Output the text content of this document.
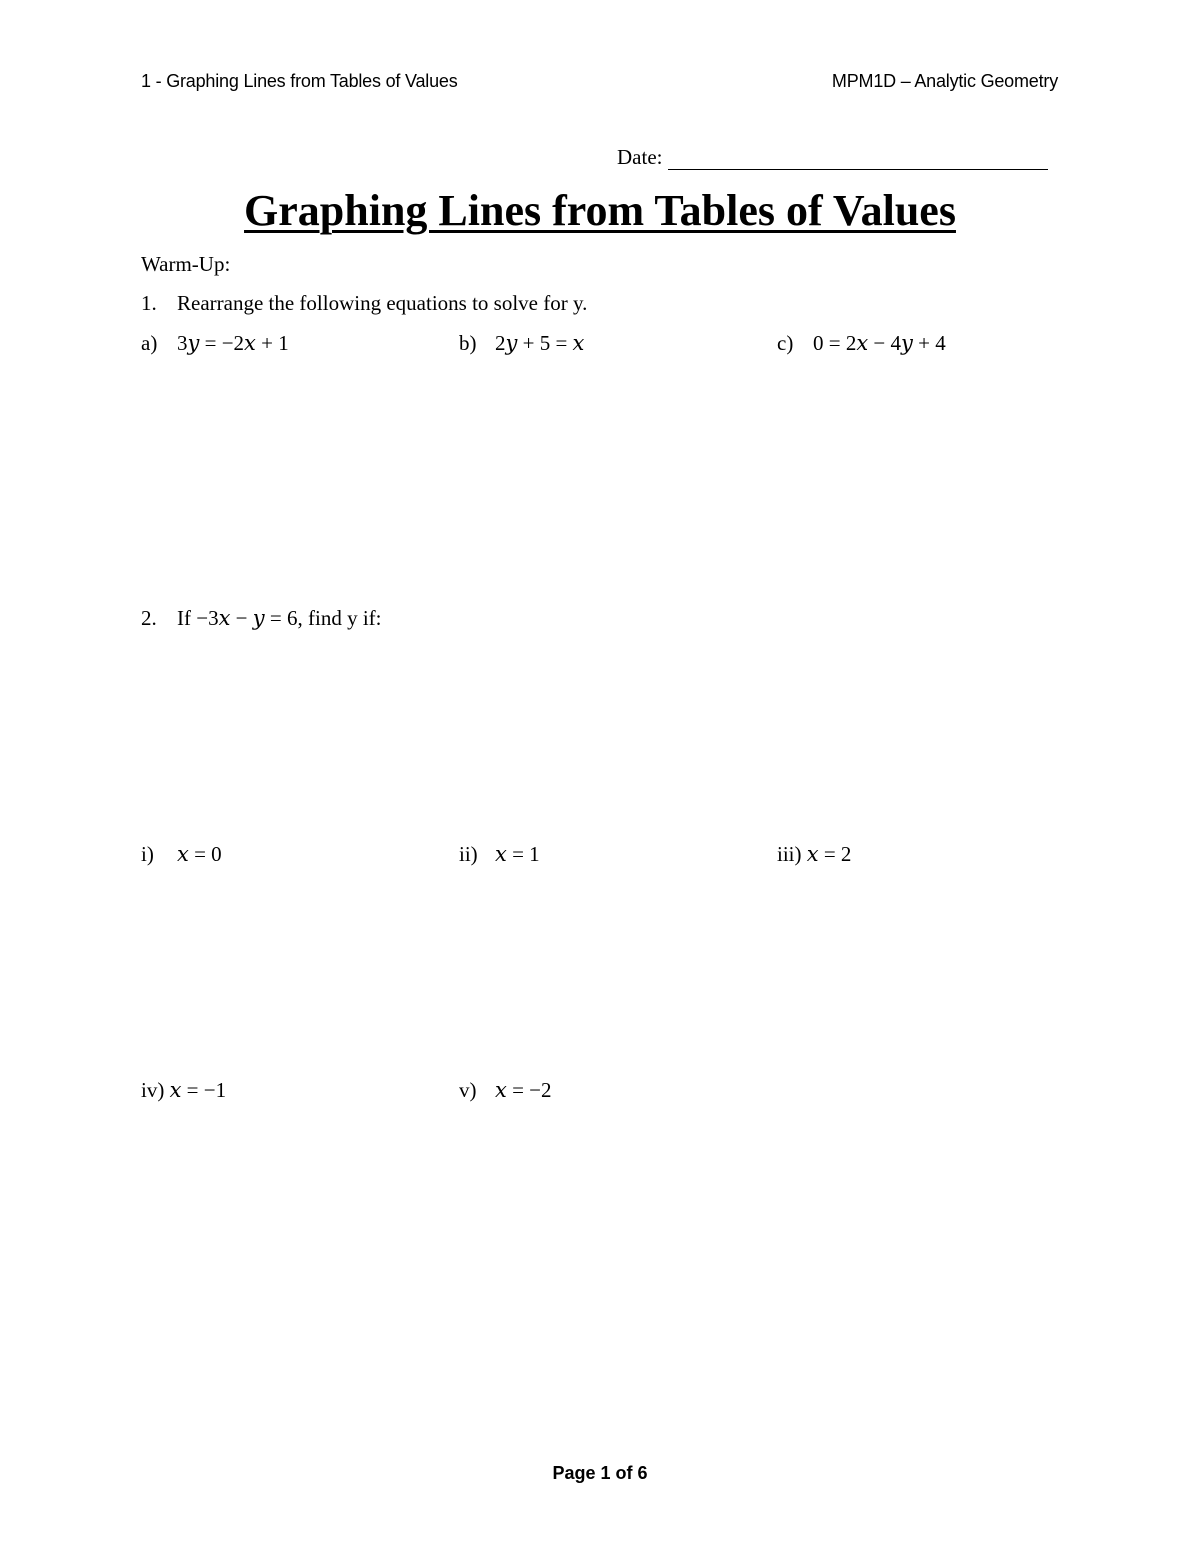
1 - Graphing Lines from Tables of Values	MPM1D – Analytic Geometry
Date:
Graphing Lines from Tables of Values
Warm-Up:
1. Rearrange the following equations to solve for y.
a) 3𝑦 = −2𝑥 + 1	b) 2𝑦 + 5 = 𝑥	c) 0 = 2𝑥 − 4𝑦 + 4
2. If −3𝑥 − 𝑦 = 6, find y if:
i) 𝑥 = 0	ii) 𝑥 = 1	iii) 𝑥 = 2
iv) 𝑥 = −1	v) 𝑥 = −2
Page 1 of 6
